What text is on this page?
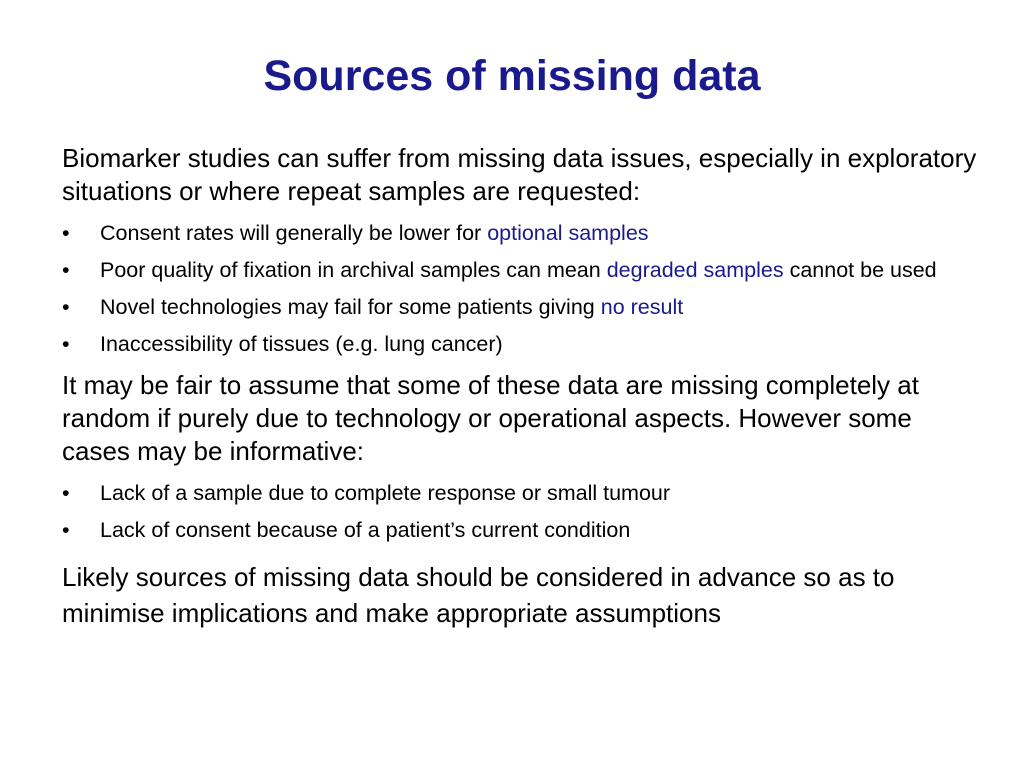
Sources of missing data

Biomarker studies can suffer from missing data issues, especially in exploratory situations or where repeat samples are requested:

• Consent rates will generally be lower for optional samples
• Poor quality of fixation in archival samples can mean degraded samples cannot be used
• Novel technologies may fail for some patients giving no result
• Inaccessibility of tissues (e.g. lung cancer)

It may be fair to assume that some of these data are missing completely at random if purely due to technology or operational aspects. However some cases may be informative:

• Lack of a sample due to complete response or small tumour
• Lack of consent because of a patient’s current condition

Likely sources of missing data should be considered in advance so as to minimise implications and make appropriate assumptions
